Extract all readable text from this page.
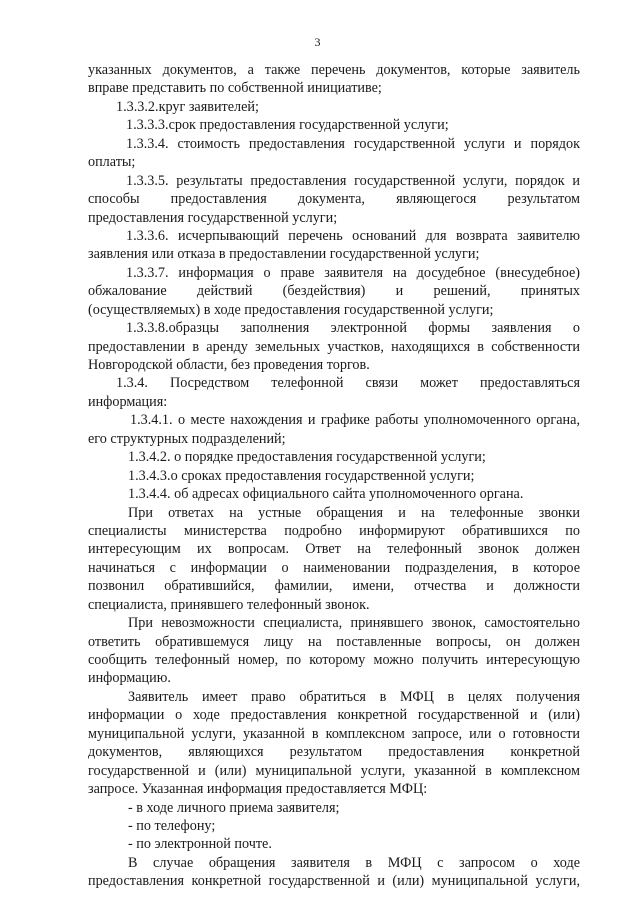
3
указанных документов, а также перечень документов, которые заявитель
вправе представить по собственной инициативе;
1.3.3.2.круг заявителей;
1.3.3.3.срок предоставления государственной услуги;
1.3.3.4. стоимость предоставления государственной услуги и порядок
оплаты;
1.3.3.5. результаты предоставления государственной услуги, порядок и
способы предоставления документа, являющегося результатом
предоставления государственной услуги;
1.3.3.6. исчерпывающий перечень оснований для возврата заявителю
заявления или отказа в предоставлении государственной услуги;
1.3.3.7. информация о праве заявителя на досудебное (внесудебное)
обжалование действий (бездействия) и решений, принятых
(осуществляемых) в ходе предоставления государственной услуги;
1.3.3.8.образцы заполнения электронной формы заявления о
предоставлении в аренду земельных участков, находящихся в собственности
Новгородской области, без проведения торгов.
1.3.4. Посредством телефонной связи может предоставляться
информация:
1.3.4.1. о месте нахождения и графике работы уполномоченного органа,
его структурных подразделений;
1.3.4.2. о порядке предоставления государственной услуги;
1.3.4.3.о сроках предоставления государственной услуги;
1.3.4.4. об адресах официального сайта уполномоченного органа.
При ответах на устные обращения и на телефонные звонки
специалисты министерства подробно информируют обратившихся по
интересующим их вопросам. Ответ на телефонный звонок должен
начинаться с информации о наименовании подразделения, в которое
позвонил обратившийся, фамилии, имени, отчества и должности
специалиста, принявшего телефонный звонок.
При невозможности специалиста, принявшего звонок, самостоятельно
ответить обратившемуся лицу на поставленные вопросы, он должен
сообщить телефонный номер, по которому можно получить интересующую
информацию.
Заявитель имеет право обратиться в МФЦ в целях получения
информации о ходе предоставления конкретной государственной и (или)
муниципальной услуги, указанной в комплексном запросе, или о готовности
документов, являющихся результатом предоставления конкретной
государственной и (или) муниципальной услуги, указанной в комплексном
запросе. Указанная информация предоставляется МФЦ:
- в ходе личного приема заявителя;
- по телефону;
- по электронной почте.
В случае обращения заявителя в МФЦ с запросом о ходе
предоставления конкретной государственной и (или) муниципальной услуги,
